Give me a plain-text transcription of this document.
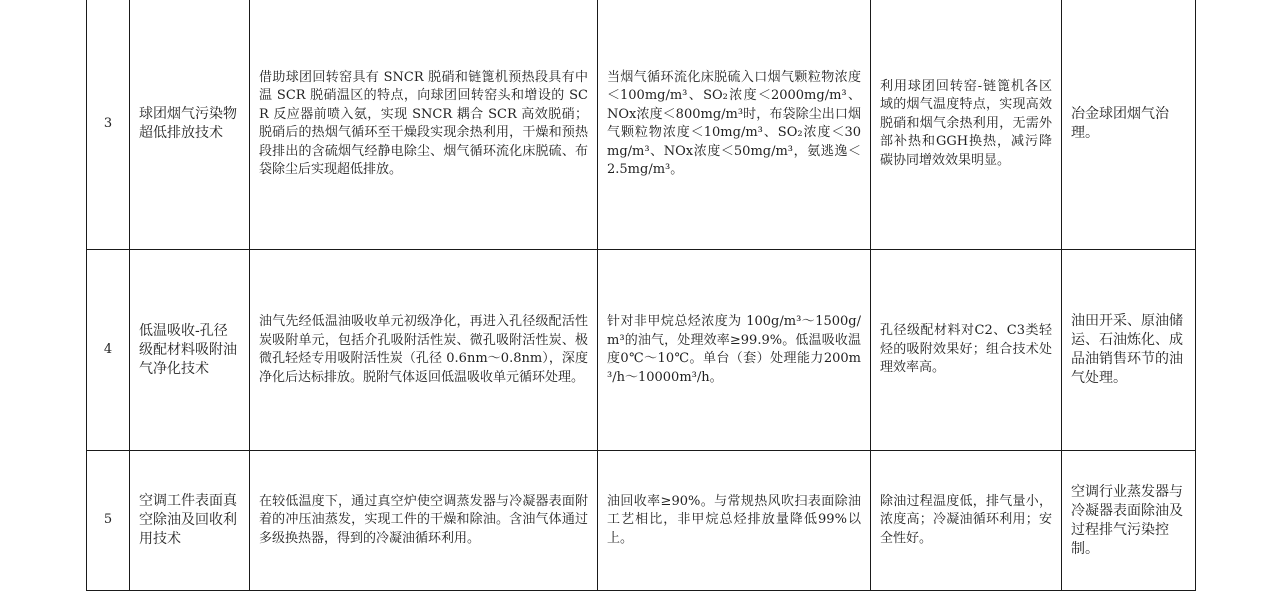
3	球团烟气污染物超低排放技术	借助球团回转窑具有 SNCR 脱硝和链篦机预热段具有中温 SCR 脱硝温区的特点，向球团回转窑头和增设的 SCR 反应器前喷入氨，实现 SNCR 耦合 SCR 高效脱硝；脱硝后的热烟气循环至干燥段实现余热利用，干燥和预热段排出的含硫烟气经静电除尘、烟气循环流化床脱硫、布袋除尘后实现超低排放。	当烟气循环流化床脱硫入口烟气颗粒物浓度＜100mg/m³、SO₂浓度＜2000mg/m³、NOx浓度＜800mg/m³时，布袋除尘出口烟气颗粒物浓度＜10mg/m³、SO₂浓度＜30mg/m³、NOx浓度＜50mg/m³，氨逃逸＜2.5mg/m³。	利用球团回转窑-链篦机各区域的烟气温度特点，实现高效脱硝和烟气余热利用，无需外部补热和GGH换热，减污降碳协同增效效果明显。	冶金球团烟气治理。
4	低温吸收-孔径级配材料吸附油气净化技术	油气先经低温油吸收单元初级净化，再进入孔径级配活性炭吸附单元，包括介孔吸附活性炭、微孔吸附活性炭、极微孔轻烃专用吸附活性炭（孔径 0.6nm～0.8nm），深度净化后达标排放。脱附气体返回低温吸收单元循环处理。	针对非甲烷总烃浓度为 100g/m³～1500g/m³的油气，处理效率≥99.9%。低温吸收温度0℃～10℃。单台（套）处理能力200m³/h～10000m³/h。	孔径级配材料对C2、C3类轻烃的吸附效果好；组合技术处理效率高。	油田开采、原油储运、石油炼化、成品油销售环节的油气处理。
5	空调工件表面真空除油及回收利用技术	在较低温度下，通过真空炉使空调蒸发器与冷凝器表面附着的冲压油蒸发，实现工件的干燥和除油。含油气体通过多级换热器，得到的冷凝油循环利用。	油回收率≥90%。与常规热风吹扫表面除油工艺相比，非甲烷总烃排放量降低99%以上。	除油过程温度低，排气量小，浓度高；冷凝油循环利用；安全性好。	空调行业蒸发器与冷凝器表面除油及过程排气污染控制。
